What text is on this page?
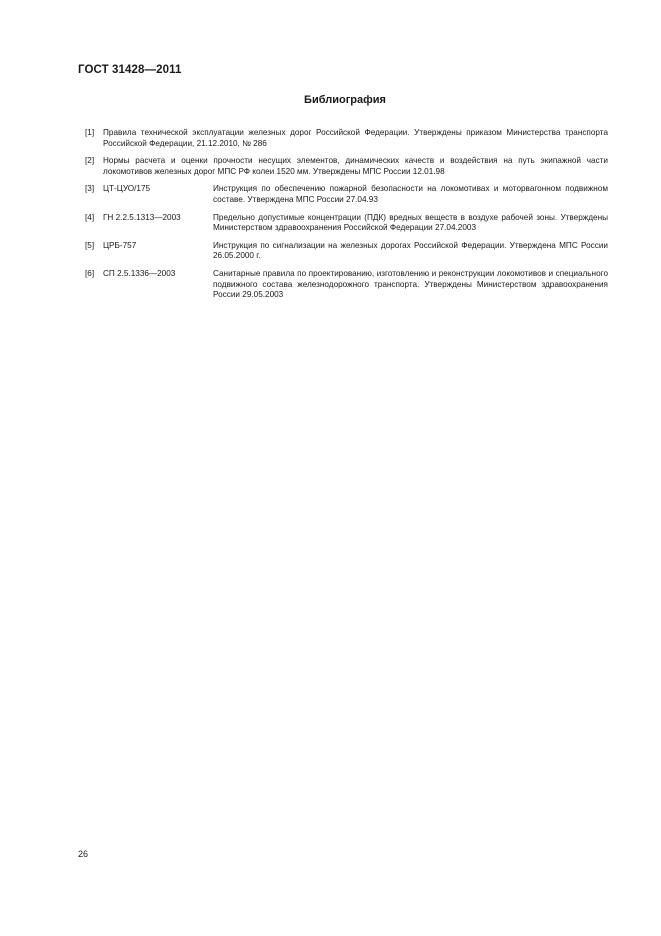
ГОСТ 31428—2011
Библиография
[1]	Правила технической эксплуатации железных дорог Российской Федерации. Утверждены приказом Министерства транспорта Российской Федерации, 21.12.2010, № 286
[2]	Нормы расчета и оценки прочности несущих элементов, динамических качеств и воздействия на путь экипажной части локомотивов железных дорог МПС РФ колеи 1520 мм. Утверждены МПС России 12.01.98
[3]	ЦТ-ЦУО/175	Инструкция по обеспечению пожарной безопасности на локомотивах и моторвагонном подвижном составе. Утверждена МПС России 27.04.93
[4]	ГН 2.2.5.1313—2003	Предельно допустимые концентрации (ПДК) вредных веществ в воздухе рабочей зоны. Утверждены Министерством здравоохранения Российской Федерации 27.04.2003
[5]	ЦРБ-757	Инструкция по сигнализации на железных дорогах Российской Федерации. Утверждена МПС России 26.05.2000 г.
[6]	СП 2.5.1336—2003	Санитарные правила по проектированию, изготовлению и реконструкции локомотивов и специального подвижного состава железнодорожного транспорта. Утверждены Министерством здравоохранения России 29.05.2003
26
